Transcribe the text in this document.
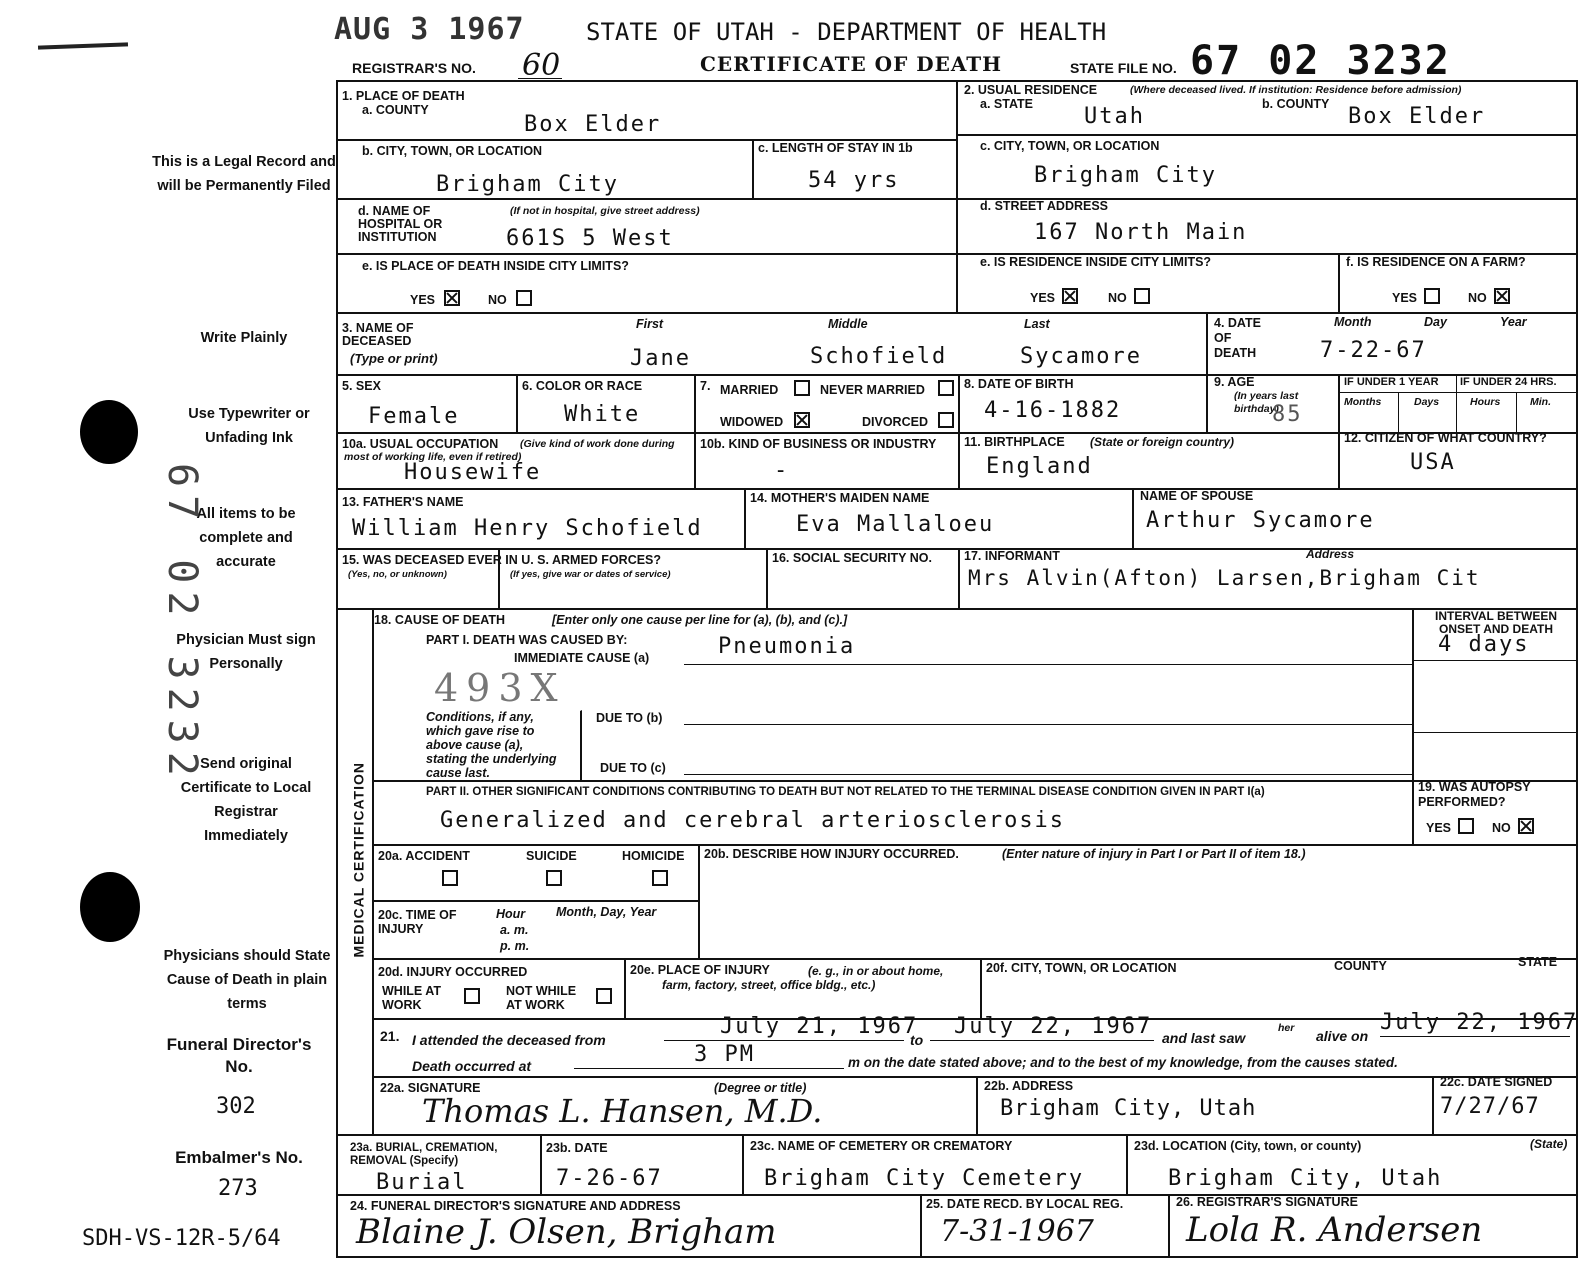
AUG 3 1967	STATE OF UTAH - DEPARTMENT OF HEALTH
REGISTRAR'S NO. 60	CERTIFICATE OF DEATH	STATE FILE NO. 67 02 3232
This is a Legal Record and will be Permanently Filed
Write Plainly
Use Typewriter or Unfading Ink
All items to be complete and accurate
Physician Must sign Personally
Send original Certificate to Local Registrar Immediately
Physicians should State Cause of Death in plain terms
Funeral Director's No.
302
Embalmer's No.
273
SDH-VS-12R-5/64
67 02 3232
1. PLACE OF DEATH
a. COUNTY
Box Elder
b. CITY, TOWN, OR LOCATION
Brigham City
c. LENGTH OF STAY IN 1b
54 yrs
d. NAME OF HOSPITAL OR INSTITUTION
(If not in hospital, give street address)
661S 5 West
e. IS PLACE OF DEATH INSIDE CITY LIMITS?
YES	NO
2. USUAL RESIDENCE	(Where deceased lived. If institution: Residence before admission)
a. STATE Utah	b. COUNTY Box Elder
c. CITY, TOWN, OR LOCATION
Brigham City
d. STREET ADDRESS
167 North Main
e. IS RESIDENCE INSIDE CITY LIMITS?
YES	NO
f. IS RESIDENCE ON A FARM?
YES	NO
3. NAME OF DECEASED
(Type or print)
First	Middle	Last
Jane	Schofield	Sycamore
4. DATE OF DEATH
Month	Day	Year
7-22-67
5. SEX
Female
6. COLOR OR RACE
White
7. MARRIED	NEVER MARRIED
WIDOWED	DIVORCED
8. DATE OF BIRTH
4-16-1882
9. AGE
(In years last birthday)
85
IF UNDER 1 YEAR IF UNDER 24 HRS.
Months	Days	Hours	Min.
10a. USUAL OCCUPATION	(Give kind of work done during most of working life, even if retired)
Housewife
10b. KIND OF BUSINESS OR INDUSTRY
-
11. BIRTHPLACE (State or foreign country)
England
12. CITIZEN OF WHAT COUNTRY?
USA
13. FATHER'S NAME
William Henry Schofield
14. MOTHER'S MAIDEN NAME
Eva Mallaloeu
NAME OF SPOUSE
Arthur Sycamore
15. WAS DECEASED EVER IN U. S. ARMED FORCES?
(Yes, no, or unknown)	(If yes, give war or dates of service)
16. SOCIAL SECURITY NO.	17. INFORMANT	Address
Mrs Alvin(Afton) Larsen,Brigham Cit
MEDICAL CERTIFICATION
18. CAUSE OF DEATH	[Enter only one cause per line for (a), (b), and (c).]
PART I. DEATH WAS CAUSED BY:
IMMEDIATE CAUSE (a)	Pneumonia
INTERVAL BETWEEN ONSET AND DEATH
4 days
493X
Conditions, if any, which gave rise to above cause (a), stating the underlying cause last.
DUE TO (b)
DUE TO (c)
PART II. OTHER SIGNIFICANT CONDITIONS CONTRIBUTING TO DEATH BUT NOT RELATED TO THE TERMINAL DISEASE CONDITION GIVEN IN PART I(a)
Generalized and cerebral arteriosclerosis
19. WAS AUTOPSY PERFORMED?
YES	NO
20a. ACCIDENT	SUICIDE	HOMICIDE 20b. DESCRIBE HOW INJURY OCCURRED.	(Enter nature of injury in Part I or Part II of item 18.)
20c. TIME OF INJURY
Hour
a. m.
p. m.
Month, Day, Year
20d. INJURY OCCURRED
WHILE AT WORK
NOT WHILE AT WORK
20e. PLACE OF INJURY	(e. g., in or about home, farm, factory, street, office bldg., etc.)
20f. CITY, TOWN, OR LOCATION	COUNTY	STATE
21. I attended the deceased from
July 21, 1967
to
July 22, 1967 and last saw
her alive on
July 22, 1967
Death occurred at	3 PM	m on the date stated above; and to the best of my knowledge, from the causes stated.
22a. SIGNATURE	(Degree or title)
Thomas L. Hansen, M.D.
22b. ADDRESS
Brigham City, Utah
22c. DATE SIGNED
7/27/67
23a. BURIAL, CREMATION, REMOVAL (Specify)
Burial
23b. DATE
7-26-67
23c. NAME OF CEMETERY OR CREMATORY
Brigham City Cemetery
23d. LOCATION (City, town, or county)	(State)
Brigham City, Utah
24. FUNERAL DIRECTOR'S SIGNATURE AND ADDRESS
Blaine J. Olsen, Brigham
25. DATE RECD. BY LOCAL REG.
7-31-1967
26. REGISTRAR'S SIGNATURE
Lola R. Andersen
